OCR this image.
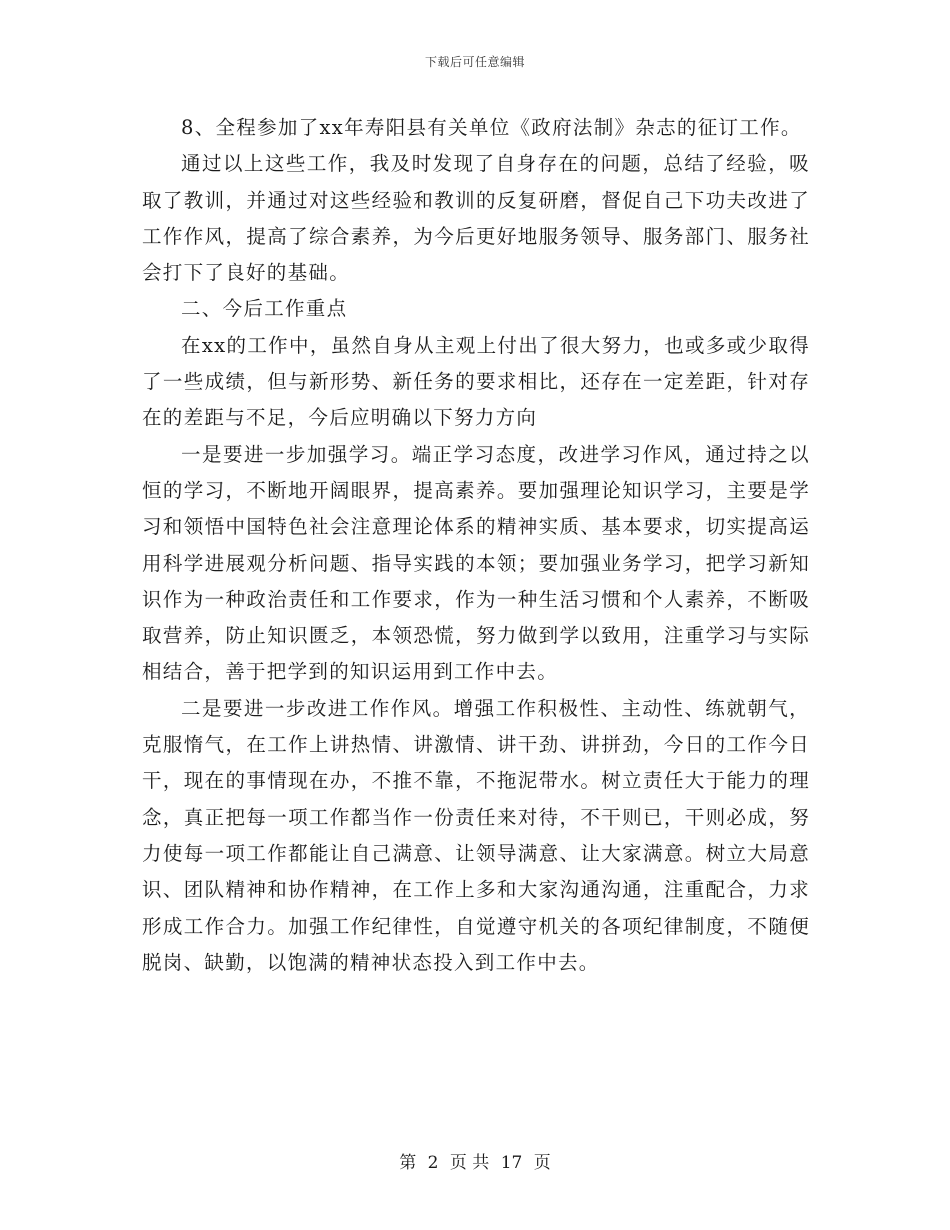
下载后可任意编辑

8、全程参加了xx年寿阳县有关单位《政府法制》杂志的征订工作。

通过以上这些工作，我及时发现了自身存在的问题，总结了经验，吸取了教训，并通过对这些经验和教训的反复研磨，督促自己下功夫改进了工作作风，提高了综合素养，为今后更好地服务领导、服务部门、服务社会打下了良好的基础。

二、今后工作重点

在xx的工作中，虽然自身从主观上付出了很大努力，也或多或少取得了一些成绩，但与新形势、新任务的要求相比，还存在一定差距，针对存在的差距与不足，今后应明确以下努力方向

一是要进一步加强学习。端正学习态度，改进学习作风，通过持之以恒的学习，不断地开阔眼界，提高素养。要加强理论知识学习，主要是学习和领悟中国特色社会注意理论体系的精神实质、基本要求，切实提高运用科学进展观分析问题、指导实践的本领；要加强业务学习，把学习新知识作为一种政治责任和工作要求，作为一种生活习惯和个人素养，不断吸取营养，防止知识匮乏，本领恐慌，努力做到学以致用，注重学习与实际相结合，善于把学到的知识运用到工作中去。

二是要进一步改进工作作风。增强工作积极性、主动性、练就朝气，克服惰气，在工作上讲热情、讲激情、讲干劲、讲拼劲，今日的工作今日干，现在的事情现在办，不推不靠，不拖泥带水。树立责任大于能力的理念，真正把每一项工作都当作一份责任来对待，不干则已，干则必成，努力使每一项工作都能让自己满意、让领导满意、让大家满意。树立大局意识、团队精神和协作精神，在工作上多和大家沟通沟通，注重配合，力求形成工作合力。加强工作纪律性，自觉遵守机关的各项纪律制度，不随便脱岗、缺勤，以饱满的精神状态投入到工作中去。

第 2 页 共 17 页
